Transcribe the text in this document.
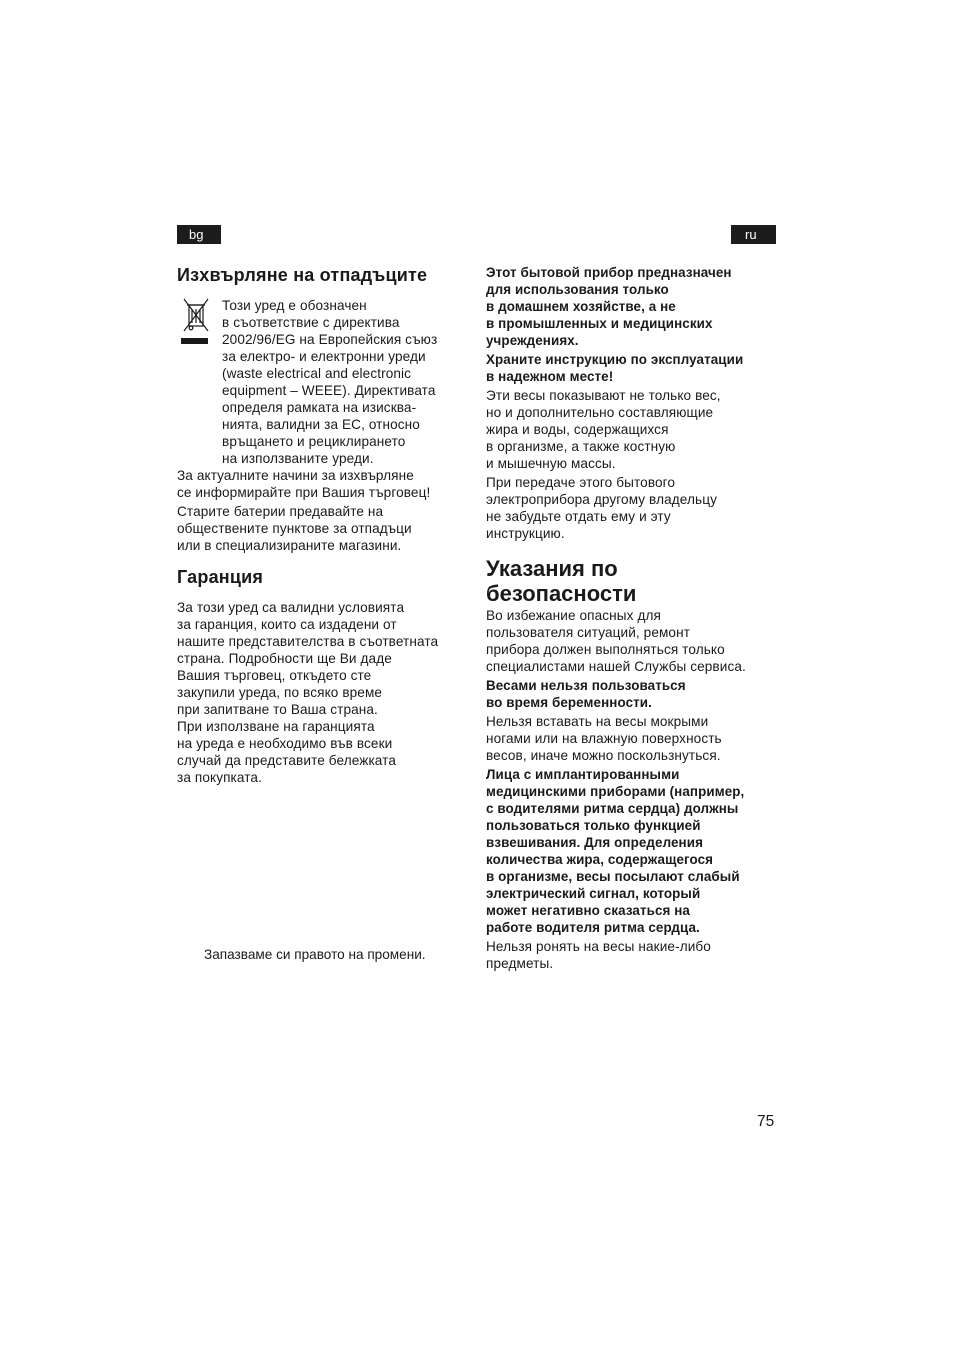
bg	ru
Изхвърляне на отпадъците
Този уред е обозначен
в съответствие с директива
2002/96/EG на Европейския съюз
за електро- и електронни уреди
(waste electrical and electronic
equipment – WEEE). Директивата
определя рамката на изисква-
нията, валидни за ЕС, относно
връщането и рециклирането
на използваните уреди.
За актуалните начини за изхвърляне
се информирайте при Вашия търговец!
Старите батерии предавайте на
обществените пунктове за отпадъци
или в специализираните магазини.
Гаранция
За този уред са валидни условията
за гаранция, които са издадени от
нашите представителства в съответната
страна. Подробности ще Ви даде
Вашия търговец, откъдето сте
закупили уреда, по всяко време
при запитване то Ваша страна.
При използване на гаранцията
на уреда е необходимо във всеки
случай да представите бележката
за покупката.
Запазваме си правото на промени.
Этот бытовой прибор предназначен
для использования только
в домашнем хозяйстве, а не
в промышленных и медицинских
учреждениях.
Храните инструкцию по эксплуатации
в надежном месте!
Эти весы показывают не только вес,
но и дополнительно составляющие
жира и воды, содержащихся
в организме, а также костную
и мышечную массы.
При передаче этого бытового
электроприбора другому владельцу
не забудьте отдать ему и эту
инструкцию.
Указания по
безопасности
Во избежание опасных для
пользователя ситуаций, ремонт
прибора должен выполняться только
специалистами нашей Службы сервиса.
Весами нельзя пользоваться
во время беременности.
Нельзя вставать на весы мокрыми
ногами или на влажную поверхность
весов, иначе можно поскользнуться.
Лица с имплантированными
медицинскими приборами (например,
с водителями ритма сердца) должны
пользоваться только функцией
взвешивания. Для определения
количества жира, содержащегося
в организме, весы посылают слабый
электрический сигнал, который
может негативно сказаться на
работе водителя ритма сердца.
Нельзя ронять на весы накие-либо
предметы.
75
